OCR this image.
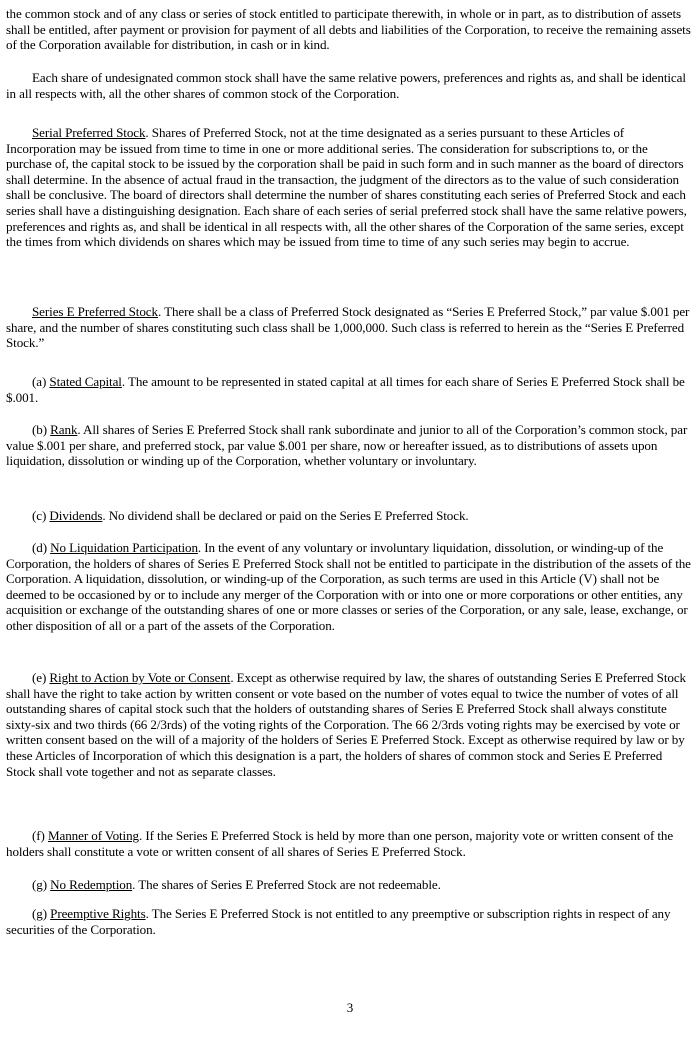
the common stock and of any class or series of stock entitled to participate therewith, in whole or in part, as to distribution of assets shall be entitled, after payment or provision for payment of all debts and liabilities of the Corporation, to receive the remaining assets of the Corporation available for distribution, in cash or in kind.

Each share of undesignated common stock shall have the same relative powers, preferences and rights as, and shall be identical in all respects with, all the other shares of common stock of the Corporation.

Serial Preferred Stock. Shares of Preferred Stock, not at the time designated as a series pursuant to these Articles of Incorporation may be issued from time to time in one or more additional series. The consideration for subscriptions to, or the purchase of, the capital stock to be issued by the corporation shall be paid in such form and in such manner as the board of directors shall determine. In the absence of actual fraud in the transaction, the judgment of the directors as to the value of such consideration shall be conclusive. The board of directors shall determine the number of shares constituting each series of Preferred Stock and each series shall have a distinguishing designation. Each share of each series of serial preferred stock shall have the same relative powers, preferences and rights as, and shall be identical in all respects with, all the other shares of the Corporation of the same series, except the times from which dividends on shares which may be issued from time to time of any such series may begin to accrue.

Series E Preferred Stock. There shall be a class of Preferred Stock designated as “Series E Preferred Stock,” par value $.001 per share, and the number of shares constituting such class shall be 1,000,000. Such class is referred to herein as the “Series E Preferred Stock.”

(a) Stated Capital. The amount to be represented in stated capital at all times for each share of Series E Preferred Stock shall be $.001.

(b) Rank. All shares of Series E Preferred Stock shall rank subordinate and junior to all of the Corporation’s common stock, par value $.001 per share, and preferred stock, par value $.001 per share, now or hereafter issued, as to distributions of assets upon liquidation, dissolution or winding up of the Corporation, whether voluntary or involuntary.

(c) Dividends. No dividend shall be declared or paid on the Series E Preferred Stock.

(d) No Liquidation Participation. In the event of any voluntary or involuntary liquidation, dissolution, or winding-up of the Corporation, the holders of shares of Series E Preferred Stock shall not be entitled to participate in the distribution of the assets of the Corporation. A liquidation, dissolution, or winding-up of the Corporation, as such terms are used in this Article (V) shall not be deemed to be occasioned by or to include any merger of the Corporation with or into one or more corporations or other entities, any acquisition or exchange of the outstanding shares of one or more classes or series of the Corporation, or any sale, lease, exchange, or other disposition of all or a part of the assets of the Corporation.

(e) Right to Action by Vote or Consent. Except as otherwise required by law, the shares of outstanding Series E Preferred Stock shall have the right to take action by written consent or vote based on the number of votes equal to twice the number of votes of all outstanding shares of capital stock such that the holders of outstanding shares of Series E Preferred Stock shall always constitute sixty-six and two thirds (66 2/3rds) of the voting rights of the Corporation. The 66 2/3rds voting rights may be exercised by vote or written consent based on the will of a majority of the holders of Series E Preferred Stock. Except as otherwise required by law or by these Articles of Incorporation of which this designation is a part, the holders of shares of common stock and Series E Preferred Stock shall vote together and not as separate classes.

(f) Manner of Voting. If the Series E Preferred Stock is held by more than one person, majority vote or written consent of the holders shall constitute a vote or written consent of all shares of Series E Preferred Stock.

(g) No Redemption. The shares of Series E Preferred Stock are not redeemable.

(g) Preemptive Rights. The Series E Preferred Stock is not entitled to any preemptive or subscription rights in respect of any securities of the Corporation.

3
